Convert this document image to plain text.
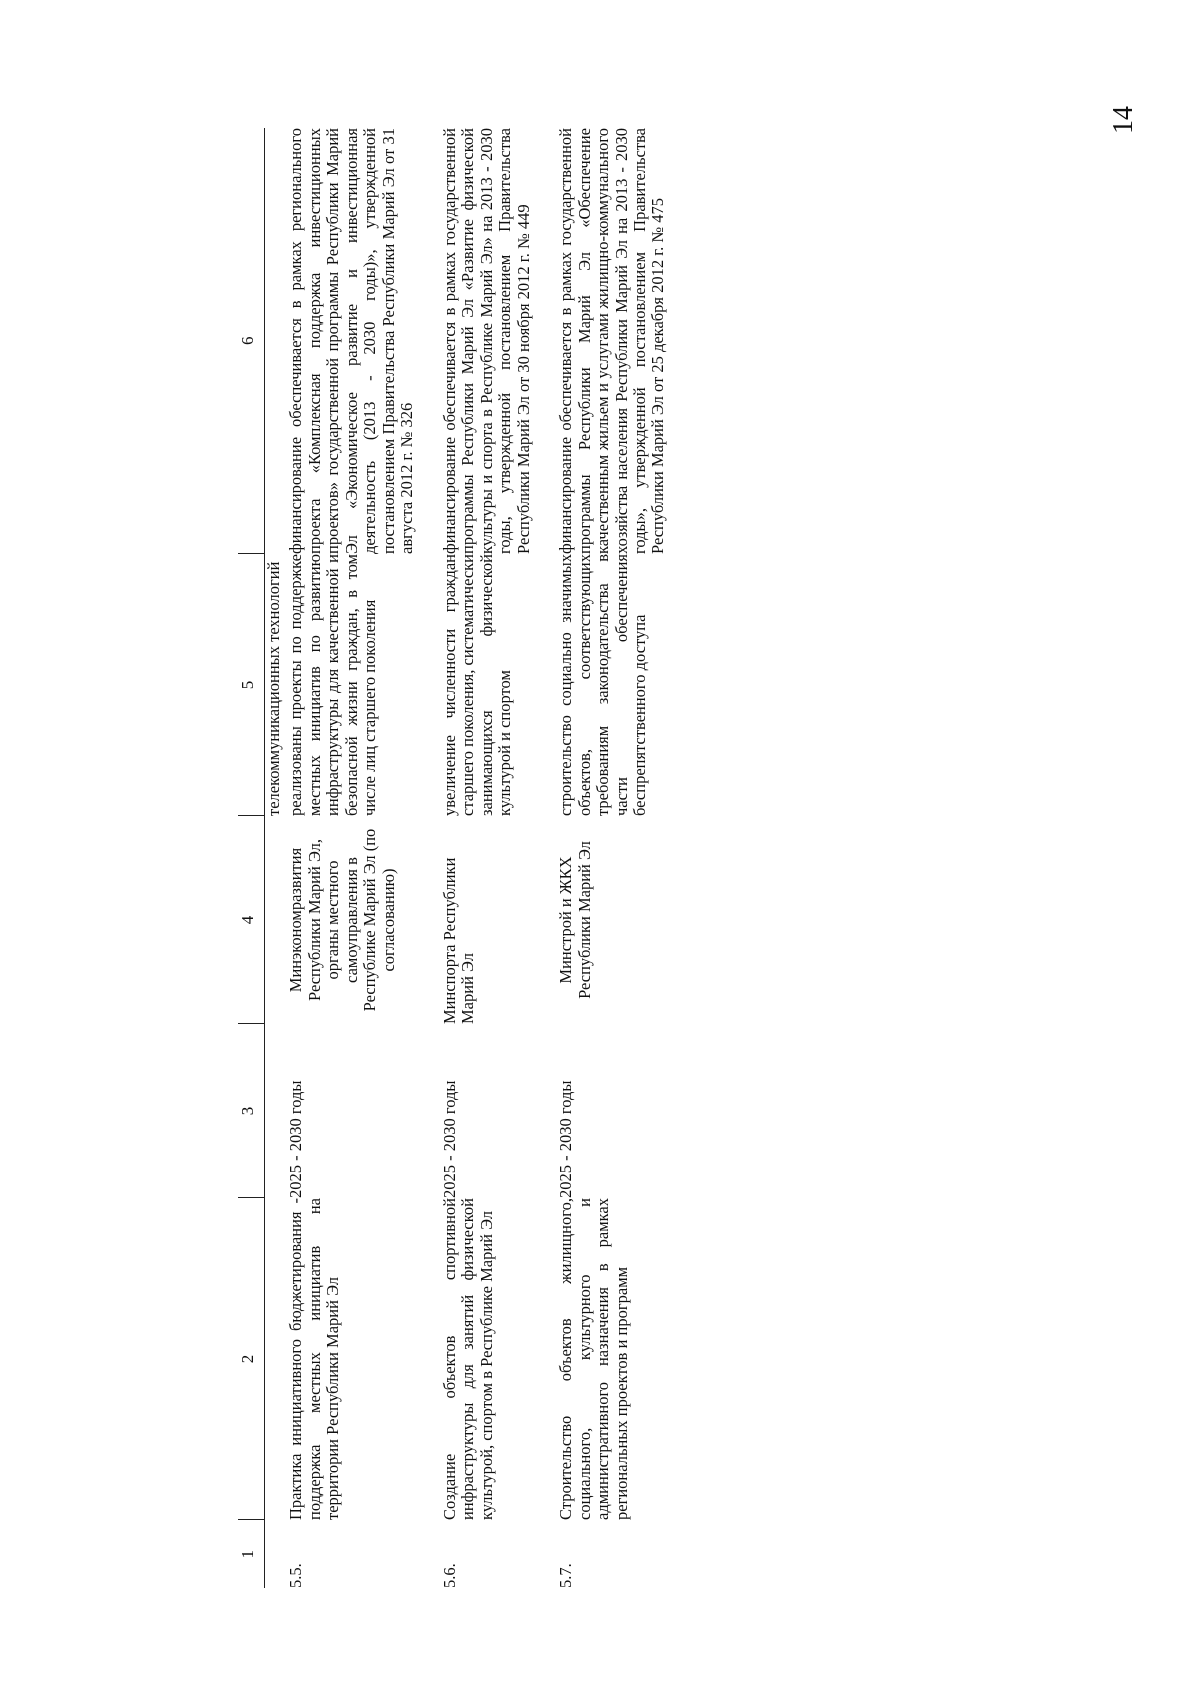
14
1	2	3	4	5	6
				телекоммуникационных технологий	
5.5.	Практика инициативного бюджетирования - поддержка местных инициатив на территории Республики Марий Эл	2025 - 2030 годы	Минэкономразвития Республики Марий Эл, органы местного самоуправления в Республике Марий Эл (по согласованию)	реализованы проекты по поддержке местных инициатив по развитию инфраструктуры для качественной и безопасной жизни граждан, в том числе лиц старшего поколения	финансирование обеспечивается в рамках регионального проекта «Комплексная поддержка инвестиционных проектов» государственной программы Республики Марий Эл «Экономическое развитие и инвестиционная деятельность (2013 - 2030 годы)», утвержденной постановлением Правительства Республики Марий Эл от 31 августа 2012 г. № 326

5.6.	Создание объектов спортивной инфраструктуры для занятий физической культурой, спортом в Республике Марий Эл	2025 - 2030 годы	Минспорта Республики Марий Эл	увеличение численности граждан старшего поколения, систематически занимающихся физической культурой и спортом	финансирование обеспечивается в рамках государственной программы Республики Марий Эл «Развитие физической культуры и спорта в Республике Марий Эл» на 2013 - 2030 годы, утвержденной постановлением Правительства Республики Марий Эл от 30 ноября 2012 г. № 449

5.7.	Строительство объектов жилищного, социального, культурного и административного назначения в рамках региональных проектов и программ	2025 - 2030 годы	Минстрой и ЖКХ Республики Марий Эл	строительство социально значимых объектов, соответствующих требованиям законодательства в части обеспечения беспрепятственного доступа	финансирование обеспечивается в рамках государственной программы Республики Марий Эл «Обеспечение качественным жильем и услугами жилищно-коммунального хозяйства населения Республики Марий Эл на 2013 - 2030 годы», утвержденной постановлением Правительства Республики Марий Эл от 25 декабря 2012 г. № 475
